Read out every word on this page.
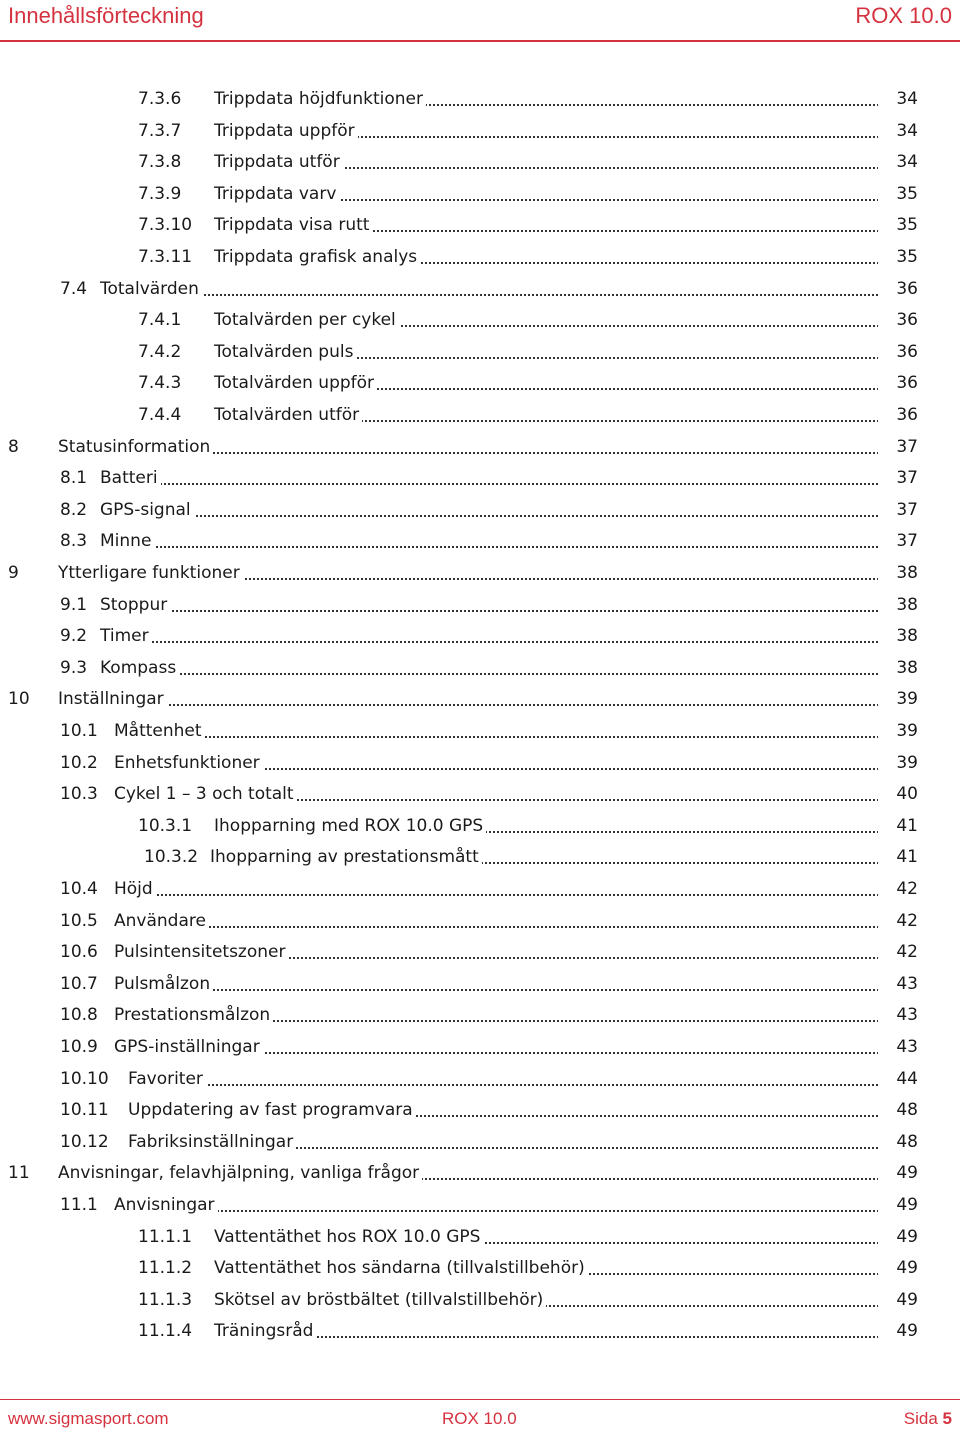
Innehållsförteckning	ROX 10.0
7.3.6 Trippdata höjdfunktioner	34
7.3.7 Trippdata uppför	34
7.3.8 Trippdata utför	34
7.3.9 Trippdata varv	35
7.3.10 Trippdata visa rutt	35
7.3.11 Trippdata grafisk analys	35
7.4 Totalvärden	36
7.4.1 Totalvärden per cykel	36
7.4.2 Totalvärden puls	36
7.4.3 Totalvärden uppför	36
7.4.4 Totalvärden utför	36
8 Statusinformation	37
8.1 Batteri	37
8.2 GPS-signal	37
8.3 Minne	37
9 Ytterligare funktioner	38
9.1 Stoppur	38
9.2 Timer	38
9.3 Kompass	38
10 Inställningar	39
10.1 Måttenhet	39
10.2 Enhetsfunktioner	39
10.3 Cykel 1 – 3 och totalt	40
10.3.1 Ihopparning med ROX 10.0 GPS	41
10.3.2 Ihopparning av prestationsmått	41
10.4 Höjd	42
10.5 Användare	42
10.6 Pulsintensitetszoner	42
10.7 Pulsmålzon	43
10.8 Prestationsmålzon	43
10.9 GPS-inställningar	43
10.10 Favoriter	44
10.11 Uppdatering av fast programvara	48
10.12 Fabriksinställningar	48
11 Anvisningar, felavhjälpning, vanliga frågor	49
11.1 Anvisningar	49
11.1.1 Vattentäthet hos ROX 10.0 GPS	49
11.1.2 Vattentäthet hos sändarna (tillvalstillbehör)	49
11.1.3 Skötsel av bröstbältet (tillvalstillbehör)	49
11.1.4 Träningsråd	49
www.sigmasport.com	ROX 10.0	Sida 5
